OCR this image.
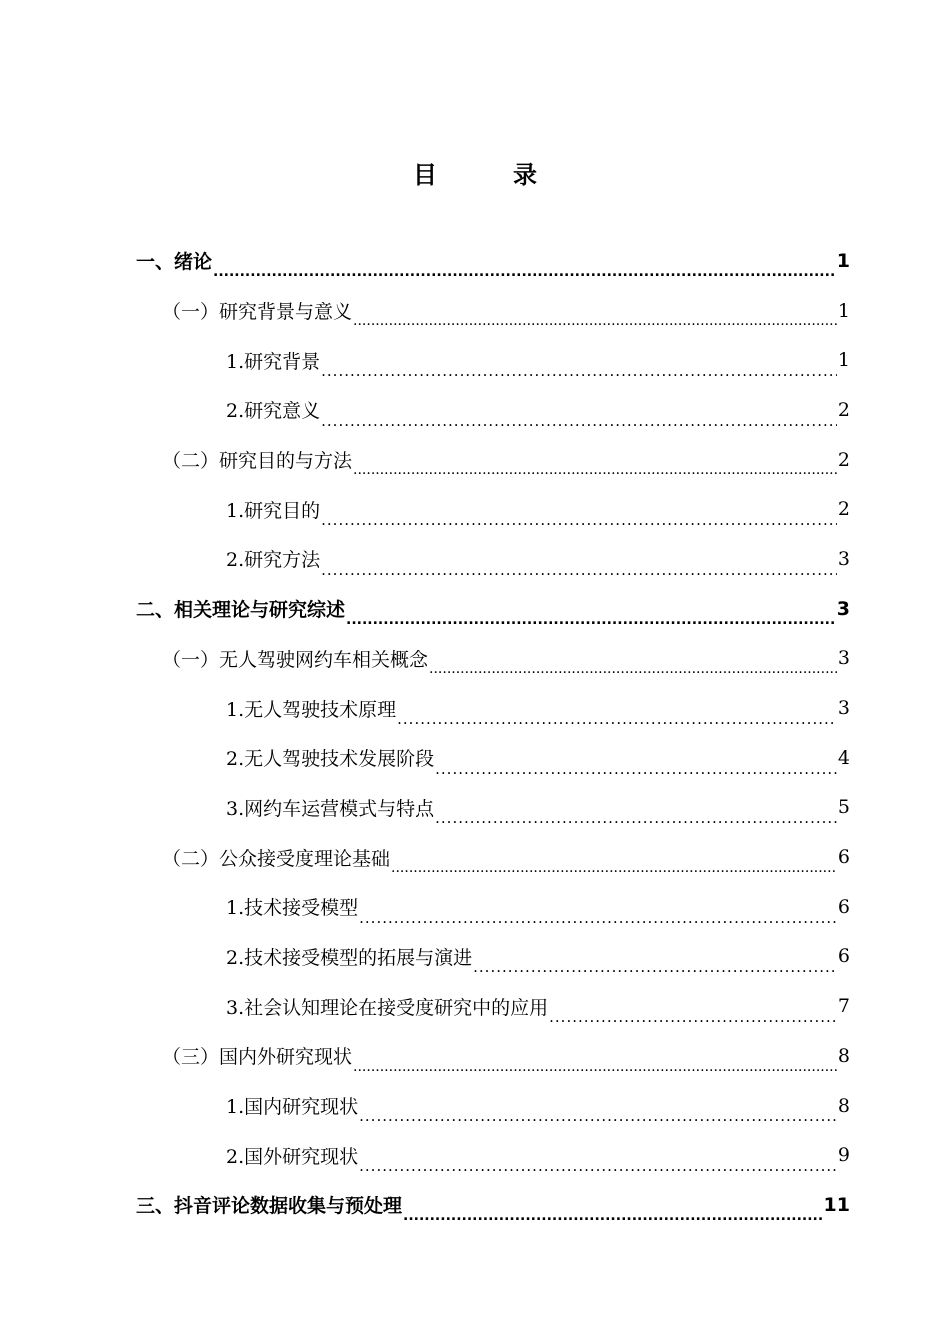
目	录
一、绪论 .....	1
（一）研究背景与意义 .....	1
1.研究背景 .....	1
2.研究意义 .....	2
（二）研究目的与方法 .....	2
1.研究目的 .....	2
2.研究方法 .....	3
二、相关理论与研究综述 .....	3
（一）无人驾驶网约车相关概念 .....	3
1.无人驾驶技术原理 .....	3
2.无人驾驶技术发展阶段 .....	4
3.网约车运营模式与特点 .....	5
（二）公众接受度理论基础 .....	6
1.技术接受模型 .....	6
2.技术接受模型的拓展与演进 .....	6
3.社会认知理论在接受度研究中的应用 .....	7
（三）国内外研究现状 .....	8
1.国内研究现状 .....	8
2.国外研究现状 .....	9
三、抖音评论数据收集与预处理 .....	11
